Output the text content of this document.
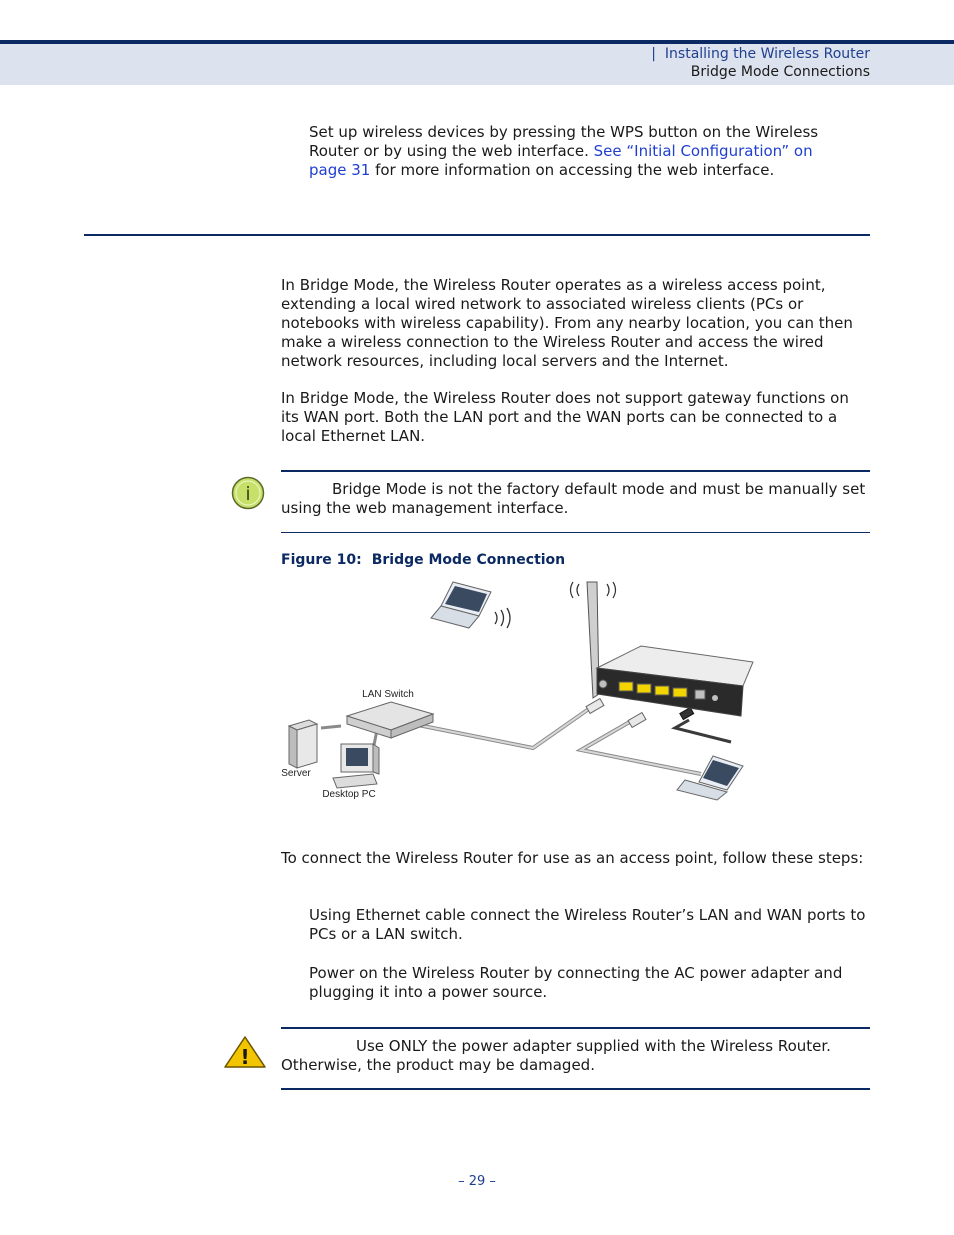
| Installing the Wireless Router
Bridge Mode Connections

Set up wireless devices by pressing the WPS button on the Wireless Router or by using the web interface. See “Initial Configuration” on page 31 for more information on accessing the web interface.

In Bridge Mode, the Wireless Router operates as a wireless access point, extending a local wired network to associated wireless clients (PCs or notebooks with wireless capability). From any nearby location, you can then make a wireless connection to the Wireless Router and access the wired network resources, including local servers and the Internet.

In Bridge Mode, the Wireless Router does not support gateway functions on its WAN port. Both the LAN port and the WAN ports can be connected to a local Ethernet LAN.

i	Bridge Mode is not the factory default mode and must be manually set using the web management interface.

Figure 10: Bridge Mode Connection
LAN Switch
Server
Desktop PC

To connect the Wireless Router for use as an access point, follow these steps:

Using Ethernet cable connect the Wireless Router’s LAN and WAN ports to PCs or a LAN switch.

Power on the Wireless Router by connecting the AC power adapter and plugging it into a power source.

!	Use ONLY the power adapter supplied with the Wireless Router. Otherwise, the product may be damaged.

– 29 –
